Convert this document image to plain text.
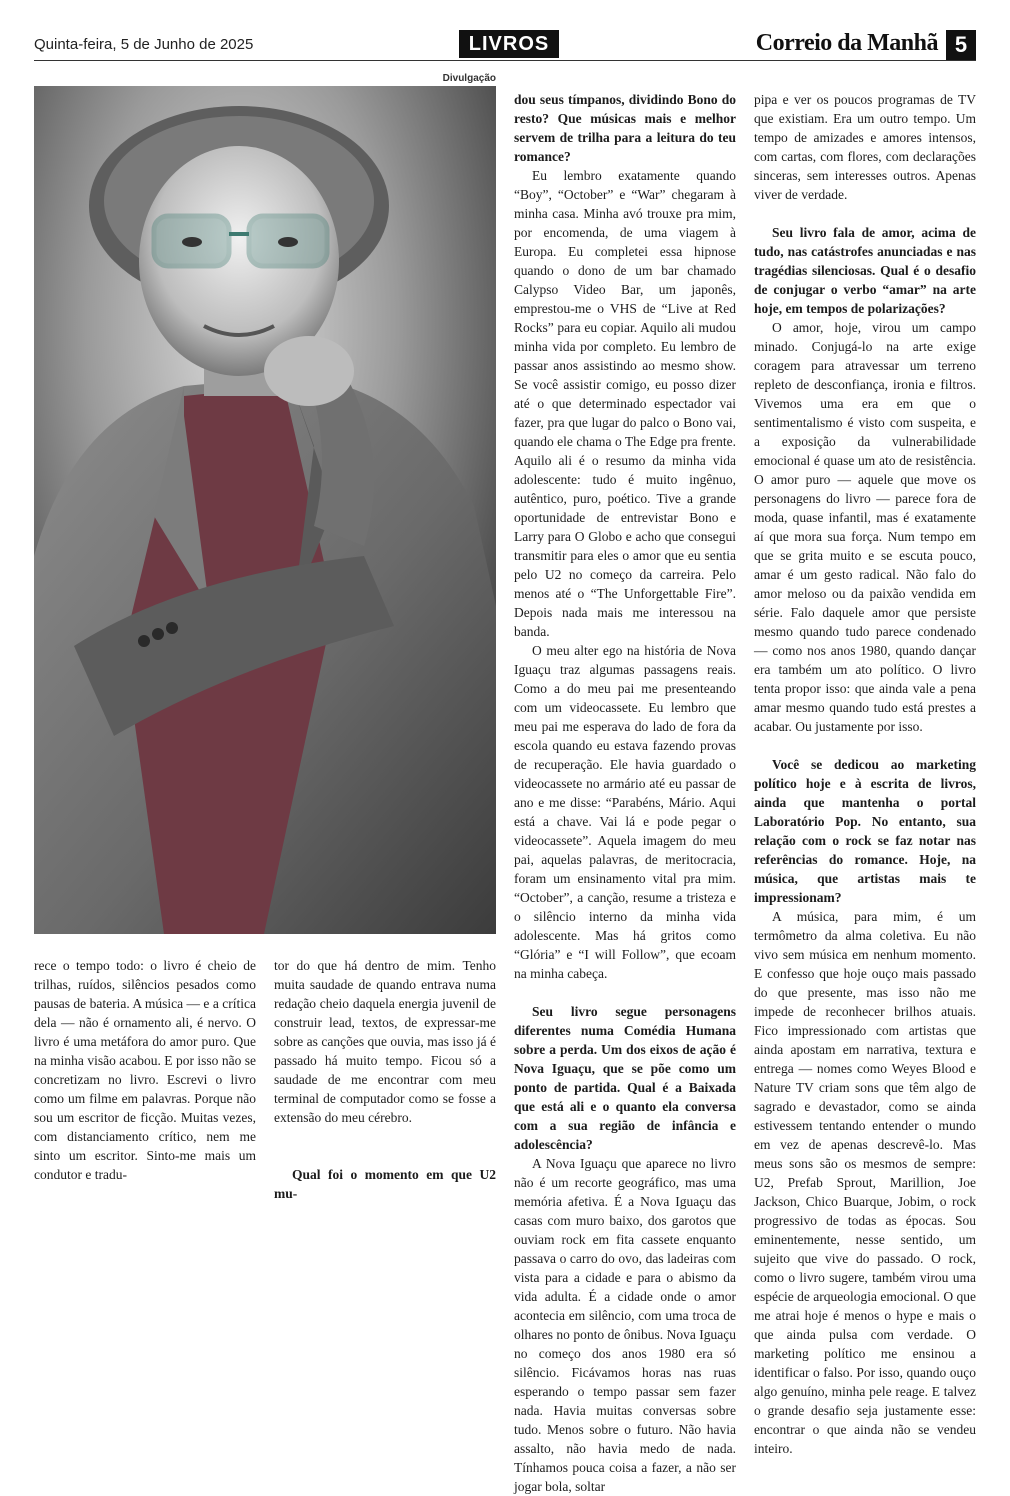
Quinta-feira, 5 de Junho de 2025	LIVROS	Correio da Manhã 5
Divulgação

rece o tempo todo: o livro é cheio de trilhas, ruídos, silêncios pesados como pausas de bateria. A música — e a crítica dela — não é ornamento ali, é nervo. O livro é uma metáfora do amor puro. Que na minha visão acabou. E por isso não se concretizam no livro. Escrevi o livro como um filme em palavras. Porque não sou um escritor de ficção. Muitas vezes, com distanciamento crítico, nem me sinto um escritor. Sinto-me mais um condutor e tradu-

tor do que há dentro de mim. Tenho muita saudade de quando entrava numa redação cheio daquela energia juvenil de construir lead, textos, de expressar-me sobre as canções que ouvia, mas isso já é passado há muito tempo. Ficou só a saudade de me encontrar com meu terminal de computador como se fosse a extensão do meu cérebro.

Qual foi o momento em que U2 mu-

dou seus tímpanos, dividindo Bono do resto? Que músicas mais e melhor servem de trilha para a leitura do teu romance?

Eu lembro exatamente quando “Boy”, “October” e “War” chegaram à minha casa. Minha avó trouxe pra mim, por encomenda, de uma viagem à Europa. Eu completei essa hipnose quando o dono de um bar chamado Calypso Video Bar, um japonês, emprestou-me o VHS de “Live at Red Rocks” para eu copiar. Aquilo ali mudou minha vida por completo. Eu lembro de passar anos assistindo ao mesmo show. Se você assistir comigo, eu posso dizer até o que determinado espectador vai fazer, pra que lugar do palco o Bono vai, quando ele chama o The Edge pra frente. Aquilo ali é o resumo da minha vida adolescente: tudo é muito ingênuo, autêntico, puro, poético. Tive a grande oportunidade de entrevistar Bono e Larry para O Globo e acho que consegui transmitir para eles o amor que eu sentia pelo U2 no começo da carreira. Pelo menos até o “The Unforgettable Fire”. Depois nada mais me interessou na banda.

O meu alter ego na história de Nova Iguaçu traz algumas passagens reais. Como a do meu pai me presenteando com um videocassete. Eu lembro que meu pai me esperava do lado de fora da escola quando eu estava fazendo provas de recuperação. Ele havia guardado o videocassete no armário até eu passar de ano e me disse: “Parabéns, Mário. Aqui está a chave. Vai lá e pode pegar o videocassete”. Aquela imagem do meu pai, aquelas palavras, de meritocracia, foram um ensinamento vital pra mim. “October”, a canção, resume a tristeza e o silêncio interno da minha vida adolescente. Mas há gritos como “Glória” e “I will Follow”, que ecoam na minha cabeça.

Seu livro segue personagens diferentes numa Comédia Humana sobre a perda. Um dos eixos de ação é Nova Iguaçu, que se põe como um ponto de partida. Qual é a Baixada que está ali e o quanto ela conversa com a sua região de infância e adolescência?

A Nova Iguaçu que aparece no livro não é um recorte geográfico, mas uma memória afetiva. É a Nova Iguaçu das casas com muro baixo, dos garotos que ouviam rock em fita cassete enquanto passava o carro do ovo, das ladeiras com vista para a cidade e para o abismo da vida adulta. É a cidade onde o amor acontecia em silêncio, com uma troca de olhares no ponto de ônibus. Nova Iguaçu no começo dos anos 1980 era só silêncio. Ficávamos horas nas ruas esperando o tempo passar sem fazer nada. Havia muitas conversas sobre tudo. Menos sobre o futuro. Não havia assalto, não havia medo de nada. Tínhamos pouca coisa a fazer, a não ser jogar bola, soltar

pipa e ver os poucos programas de TV que existiam. Era um outro tempo. Um tempo de amizades e amores intensos, com cartas, com flores, com declarações sinceras, sem interesses outros. Apenas viver de verdade.

Seu livro fala de amor, acima de tudo, nas catástrofes anunciadas e nas tragédias silenciosas. Qual é o desafio de conjugar o verbo “amar” na arte hoje, em tempos de polarizações?

O amor, hoje, virou um campo minado. Conjugá-lo na arte exige coragem para atravessar um terreno repleto de desconfiança, ironia e filtros. Vivemos uma era em que o sentimentalismo é visto com suspeita, e a exposição da vulnerabilidade emocional é quase um ato de resistência. O amor puro — aquele que move os personagens do livro — parece fora de moda, quase infantil, mas é exatamente aí que mora sua força. Num tempo em que se grita muito e se escuta pouco, amar é um gesto radical. Não falo do amor meloso ou da paixão vendida em série. Falo daquele amor que persiste mesmo quando tudo parece condenado — como nos anos 1980, quando dançar era também um ato político. O livro tenta propor isso: que ainda vale a pena amar mesmo quando tudo está prestes a acabar. Ou justamente por isso.

Você se dedicou ao marketing político hoje e à escrita de livros, ainda que mantenha o portal Laboratório Pop. No entanto, sua relação com o rock se faz notar nas referências do romance. Hoje, na música, que artistas mais te impressionam?

A música, para mim, é um termômetro da alma coletiva. Eu não vivo sem música em nenhum momento. E confesso que hoje ouço mais passado do que presente, mas isso não me impede de reconhecer brilhos atuais. Fico impressionado com artistas que ainda apostam em narrativa, textura e entrega — nomes como Weyes Blood e Nature TV criam sons que têm algo de sagrado e devastador, como se ainda estivessem tentando entender o mundo em vez de apenas descrevê-lo. Mas meus sons são os mesmos de sempre: U2, Prefab Sprout, Marillion, Joe Jackson, Chico Buarque, Jobim, o rock progressivo de todas as épocas. Sou eminentemente, nesse sentido, um sujeito que vive do passado. O rock, como o livro sugere, também virou uma espécie de arqueologia emocional. O que me atrai hoje é menos o hype e mais o que ainda pulsa com verdade. O marketing político me ensinou a identificar o falso. Por isso, quando ouço algo genuíno, minha pele reage. E talvez o grande desafio seja justamente esse: encontrar o que ainda não se vendeu inteiro.
